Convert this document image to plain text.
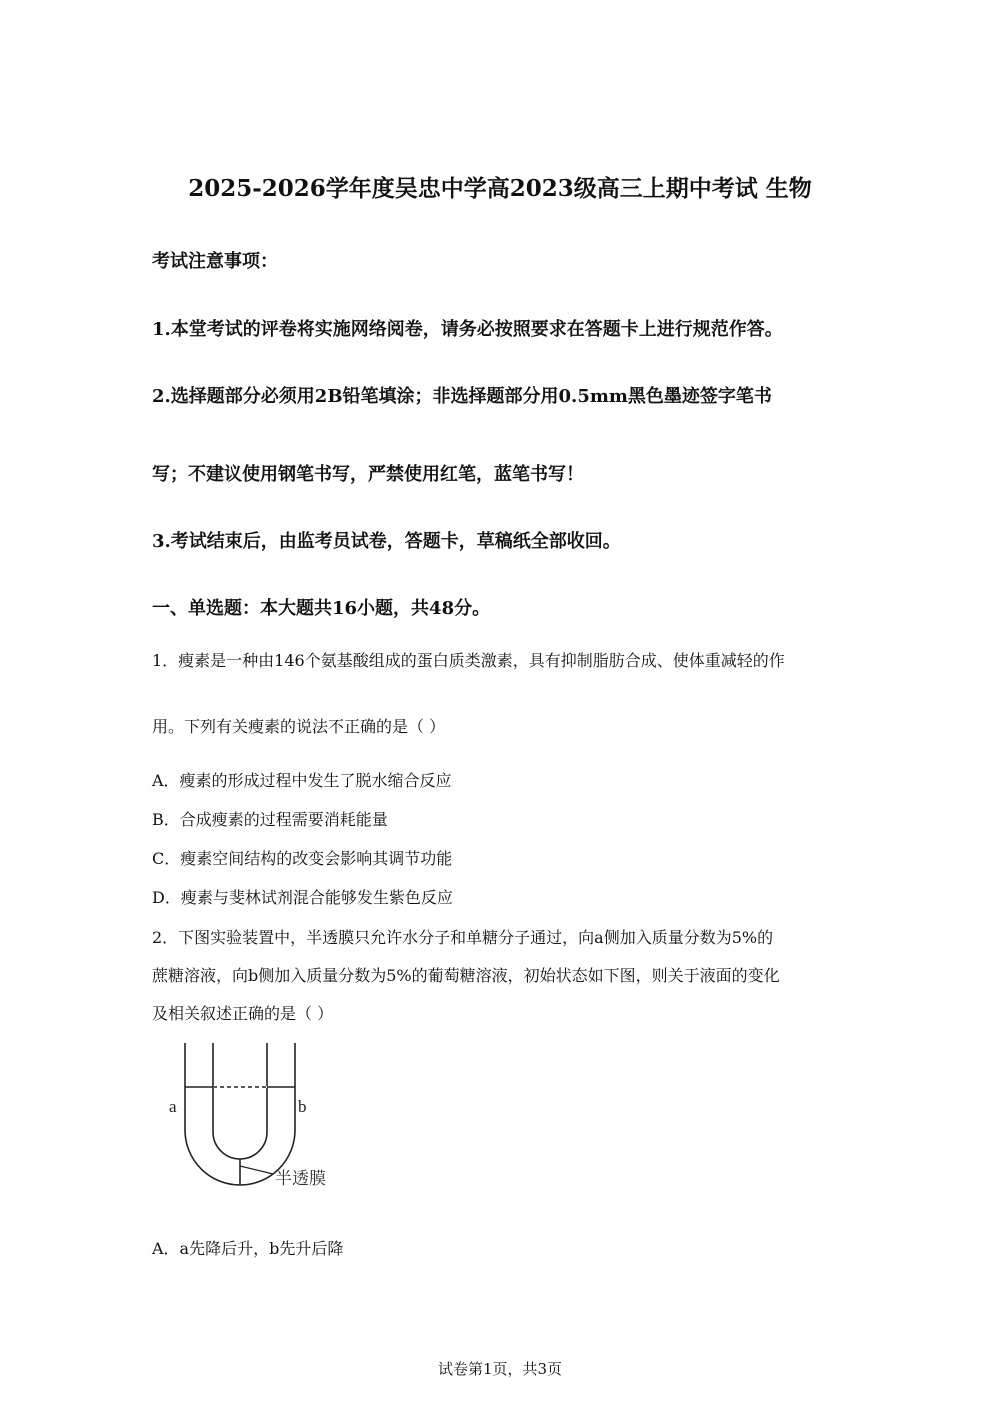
2025-2026学年度吴忠中学高2023级高三上期中考试 生物
考试注意事项：
1.本堂考试的评卷将实施网络阅卷，请务必按照要求在答题卡上进行规范作答。
2.选择题部分必须用2B铅笔填涂；非选择题部分用0.5mm黑色墨迹签字笔书
写；不建议使用钢笔书写，严禁使用红笔，蓝笔书写！
3.考试结束后，由监考员试卷，答题卡，草稿纸全部收回。
一、单选题：本大题共16小题，共48分。
1．瘦素是一种由146个氨基酸组成的蛋白质类激素，具有抑制脂肪合成、使体重减轻的作
用。下列有关瘦素的说法不正确的是（ ）
A．瘦素的形成过程中发生了脱水缩合反应
B．合成瘦素的过程需要消耗能量
C．瘦素空间结构的改变会影响其调节功能
D．瘦素与斐林试剂混合能够发生紫色反应
2．下图实验装置中，半透膜只允许水分子和单糖分子通过，向a侧加入质量分数为5%的
蔗糖溶液，向b侧加入质量分数为5%的葡萄糖溶液，初始状态如下图，则关于液面的变化
及相关叙述正确的是（ ）
a	b
半透膜
A．a先降后升，b先升后降
试卷第1页，共3页
